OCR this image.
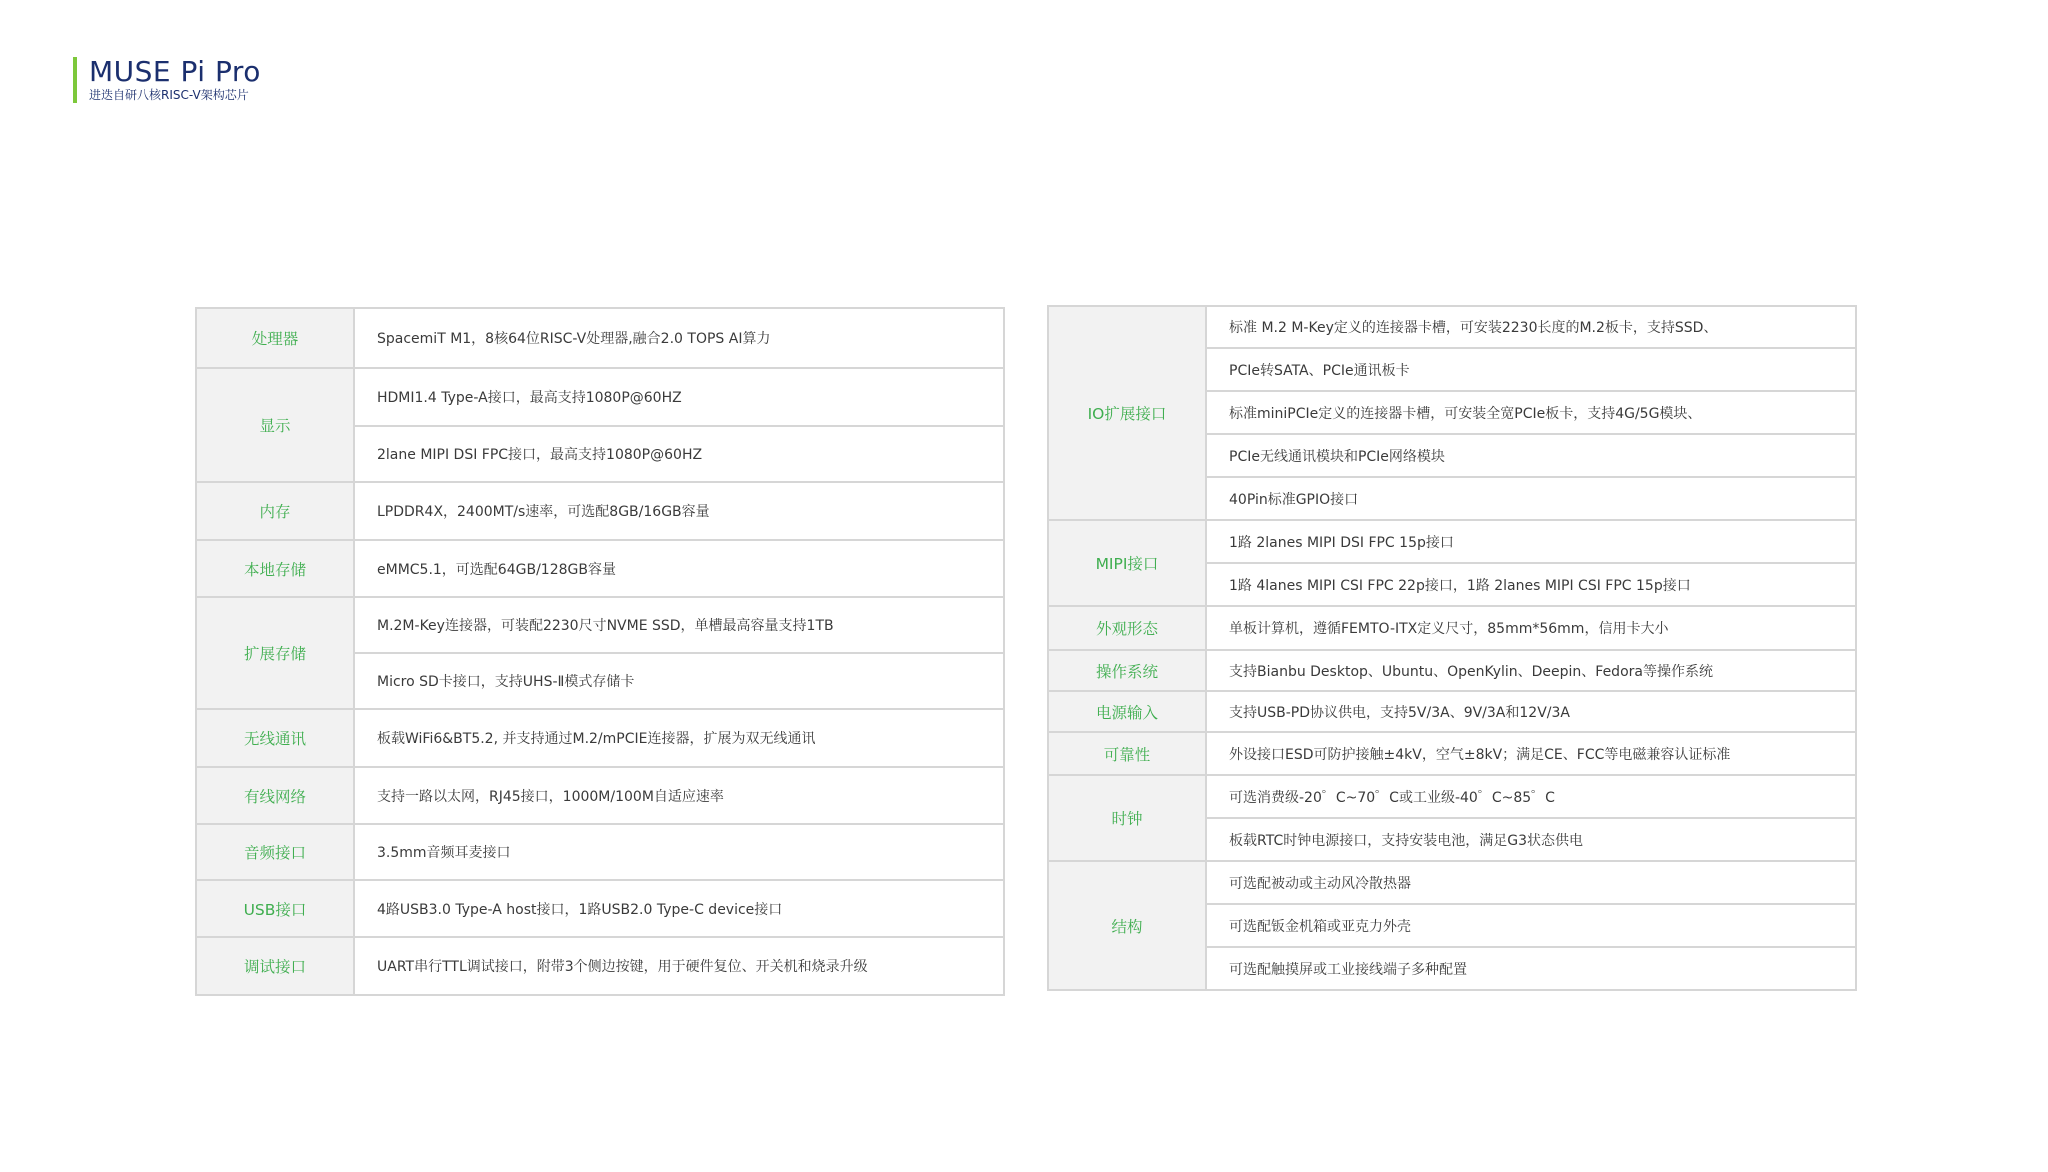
MUSE Pi Pro
进迭自研八核RISC-V架构芯片
处理器	SpacemiT M1，8核64位RISC-V处理器,融合2.0 TOPS AI算力
显示	HDMI1.4 Type-A接口，最高支持1080P@60HZ
	2lane MIPI DSI FPC接口，最高支持1080P@60HZ
内存	LPDDR4X，2400MT/s速率，可选配8GB/16GB容量
本地存储	eMMC5.1，可选配64GB/128GB容量
扩展存储	M.2M-Key连接器，可装配2230尺寸NVME SSD，单槽最高容量支持1TB
	Micro SD卡接口，支持UHS-Ⅱ模式存储卡
无线通讯	板载WiFi6&BT5.2, 并支持通过M.2/mPCIE连接器，扩展为双无线通讯
有线网络	支持一路以太网，RJ45接口，1000M/100M自适应速率
音频接口	3.5mm音频耳麦接口
USB接口	4路USB3.0 Type-A host接口，1路USB2.0 Type-C device接口
调试接口	UART串行TTL调试接口，附带3个侧边按键，用于硬件复位、开关机和烧录升级
IO扩展接口	标准 M.2 M-Key定义的连接器卡槽，可安装2230长度的M.2板卡，支持SSD、
	PCIe转SATA、PCIe通讯板卡
	标准miniPCIe定义的连接器卡槽，可安装全宽PCIe板卡，支持4G/5G模块、
	PCIe无线通讯模块和PCIe网络模块
	40Pin标准GPIO接口
MIPI接口	1路 2lanes MIPI DSI FPC 15p接口
	1路 4lanes MIPI CSI FPC 22p接口，1路 2lanes MIPI CSI FPC 15p接口
外观形态	单板计算机，遵循FEMTO-ITX定义尺寸，85mm*56mm，信用卡大小
操作系统	支持Bianbu Desktop、Ubuntu、OpenKylin、Deepin、Fedora等操作系统
电源输入	支持USB-PD协议供电，支持5V/3A、9V/3A和12V/3A
可靠性	外设接口ESD可防护接触±4kV，空气±8kV；满足CE、FCC等电磁兼容认证标准
时钟	可选消费级-20゜C~70゜C或工业级-40゜C~85゜C
	板载RTC时钟电源接口，支持安装电池，满足G3状态供电
结构	可选配被动或主动风冷散热器
	可选配钣金机箱或亚克力外壳
	可选配触摸屏或工业接线端子多种配置
